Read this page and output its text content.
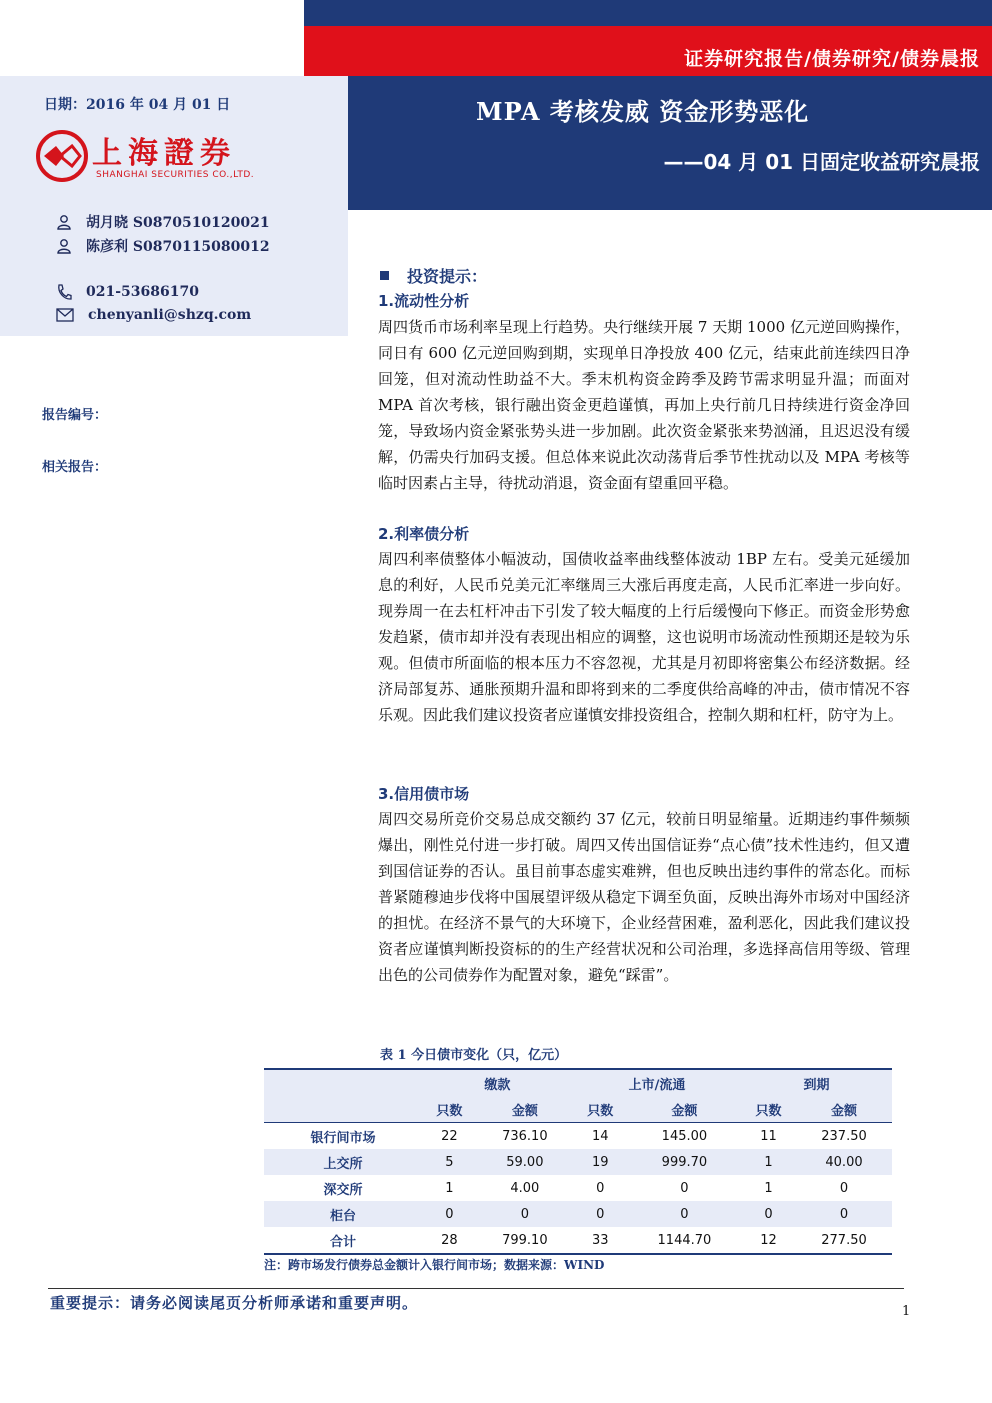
证券研究报告/债券研究/债券晨报
MPA 考核发威 资金形势恶化
——04 月 01 日固定收益研究晨报
日期：2016 年 04 月 01 日
上海證券
SHANGHAI SECURITIES CO.,LTD.
胡月晓 S0870510120021
陈彦利 S0870115080012
021-53686170
chenyanli@shzq.com
报告编号：
相关报告：
投资提示：
1.流动性分析
周四货币市场利率呈现上行趋势。央行继续开展 7 天期 1000 亿元逆回购操作，同日有 600 亿元逆回购到期，实现单日净投放 400 亿元，结束此前连续四日净回笼，但对流动性助益不大。季末机构资金跨季及跨节需求明显升温；而面对 MPA 首次考核，银行融出资金更趋谨慎，再加上央行前几日持续进行资金净回笼，导致场内资金紧张势头进一步加剧。此次资金紧张来势汹涌，且迟迟没有缓解，仍需央行加码支援。但总体来说此次动荡背后季节性扰动以及 MPA 考核等临时因素占主导，待扰动消退，资金面有望重回平稳。
2.利率债分析
周四利率债整体小幅波动，国债收益率曲线整体波动 1BP 左右。受美元延缓加息的利好，人民币兑美元汇率继周三大涨后再度走高，人民币汇率进一步向好。现券周一在去杠杆冲击下引发了较大幅度的上行后缓慢向下修正。而资金形势愈发趋紧，债市却并没有表现出相应的调整，这也说明市场流动性预期还是较为乐观。但债市所面临的根本压力不容忽视，尤其是月初即将密集公布经济数据。经济局部复苏、通胀预期升温和即将到来的二季度供给高峰的冲击，债市情况不容乐观。因此我们建议投资者应谨慎安排投资组合，控制久期和杠杆，防守为上。
3.信用债市场
周四交易所竞价交易总成交额约 37 亿元，较前日明显缩量。近期违约事件频频爆出，刚性兑付进一步打破。周四又传出国信证券“点心债”技术性违约，但又遭到国信证券的否认。虽目前事态虚实难辨，但也反映出违约事件的常态化。而标普紧随穆迪步伐将中国展望评级从稳定下调至负面，反映出海外市场对中国经济的担忧。在经济不景气的大环境下，企业经营困难，盈利恶化，因此我们建议投资者应谨慎判断投资标的的生产经营状况和公司治理，多选择高信用等级、管理出色的公司债券作为配置对象，避免“踩雷”。
表 1 今日债市变化（只，亿元）
	缴款		上市/流通		到期	
	只数	金额	只数	金额	只数	金额
银行间市场	22	736.10	14	145.00	11	237.50
上交所	5	59.00	19	999.70	1	40.00
深交所	1	4.00	0	0	1	0
柜台	0	0	0	0	0	0
合计	28	799.10	33	1144.70	12	277.50
注：跨市场发行债券总金额计入银行间市场；数据来源：WIND
重要提示：请务必阅读尾页分析师承诺和重要声明。	1
